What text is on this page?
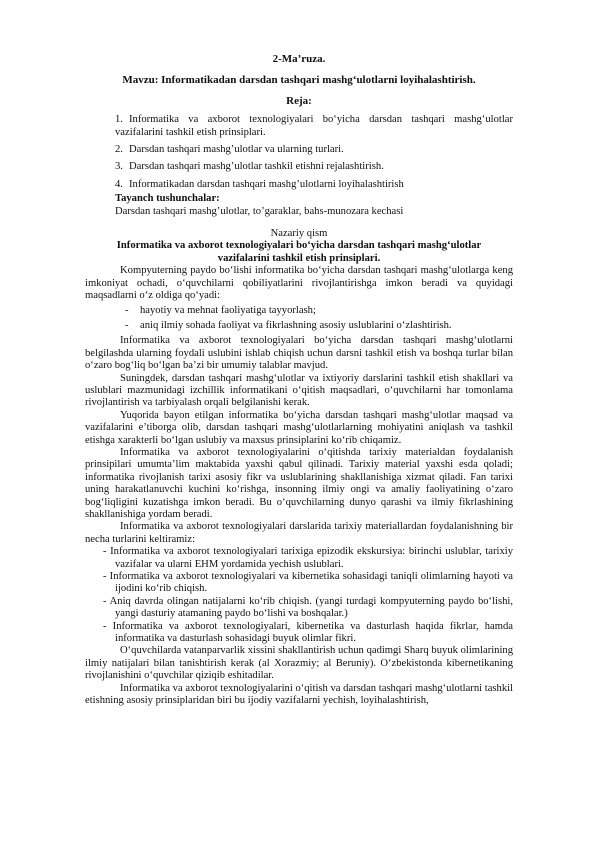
2-Ma’ruza.
Mavzu: Informatikadan darsdan tashqari mashg‘ulotlarni loyihalashtirish.
Reja:
1. Informatika va axborot texnologiyalari bo‘yicha darsdan tashqari mashg‘ulotlar vazifalarini tashkil etish prinsiplari.
2. Darsdan tashqari mashg’ulotlar va ularning turlari.
3. Darsdan tashqari mashg’ulotlar tashkil etishni rejalashtirish.
4. Informatikadan darsdan tashqari mashg’ulotlarni loyihalashtirish
Tayanch tushunchalar:
Darsdan tashqari mashg’ulotlar, to’garaklar, bahs-munozara kechasi
Nazariy qism
Informatika va axborot texnologiyalari bo‘yicha darsdan tashqari mashg‘ulotlar vazifalarini tashkil etish prinsiplari.

Kompyuterning paydo bo‘lishi informatika bo‘yicha darsdan tashqari mashg‘ulotlarga keng imkoniyat ochadi, o‘quvchilarni qobiliyatlarini rivojlantirishga imkon beradi va quyidagi maqsadlarni o‘z oldiga qo‘yadi:

- hayotiy va mehnat faoliyatiga tayyorlash;
- aniq ilmiy sohada faoliyat va fikrlashning asosiy uslublarini o‘zlashtirish.

Informatika va axborot texnologiyalari bo‘yicha darsdan tashqari mashg‘ulotlarni belgilashda ularning foydali uslubini ishlab chiqish uchun darsni tashkil etish va boshqa turlar bilan o‘zaro bog‘liq bo‘lgan ba’zi bir umumiy talablar mavjud.

Suningdek, darsdan tashqari mashg‘ulotlar va ixtiyoriy darslarini tashkil etish shakllari va uslublari mazmunidagi izchillik informatikani o‘qitish maqsadlari, o‘quvchilarni har tomonlama rivojlantirish va tarbiyalash orqali belgilanishi kerak.

Yuqorida bayon etilgan informatika bo‘yicha darsdan tashqari mashg‘ulotlar maqsad va vazifalarini e’tiborga olib, darsdan tashqari mashg‘ulotlarlarning mohiyatini aniqlash va tashkil etishga xarakterli bo‘lgan uslubiy va maxsus prinsiplarini ko‘rib chiqamiz.

Informatika va axborot texnologiyalarini o‘qitishda tarixiy materialdan foydalanish prinsipilari umumta’lim maktabida yaxshi qabul qilinadi. Tarixiy material yaxshi esda qoladi; informatika rivojlanish tarixi asosiy fikr va uslublarining shakllanishiga xizmat qiladi. Fan tarixi uning harakatlanuvchi kuchini ko‘rishga, insonning ilmiy ongi va amaliy faoliyatining o‘zaro bog‘liqligini kuzatishga imkon beradi. Bu o‘quvchilarning dunyo qarashi va ilmiy fikrlashining shakllanishiga yordam beradi.

Informatika va axborot texnologiyalari darslarida tarixiy materiallardan foydalanishning bir necha turlarini keltiramiz:

- Informatika va axborot texnologiyalari tarixiga epizodik ekskursiya: birinchi uslublar, tarixiy vazifalar va ularni EHM yordamida yechish uslublari.
- Informatika va axborot texnologiyalari va kibernetika sohasidagi taniqli olimlarning hayoti va ijodini ko‘rib chiqish.
- Aniq davrda olingan natijalarni ko‘rib chiqish. (yangi turdagi kompyuterning paydo bo‘lishi, yangi dasturiy atamaning paydo bo‘lishi va boshqalar.)
- Informatika va axborot texnologiyalari, kibernetika va dasturlash haqida fikrlar, hamda informatika va dasturlash sohasidagi buyuk olimlar fikri.

O‘quvchilarda vatanparvarlik xissini shakllantirish uchun qadimgi Sharq buyuk olimlarining ilmiy natijalari bilan tanishtirish kerak (al Xorazmiy; al Beruniy). O‘zbekistonda kibernetikaning rivojlanishini o‘quvchilar qiziqib eshitadilar.

Informatika va axborot texnologiyalarini o‘qitish va darsdan tashqari mashg‘ulotlarni tashkil etishning asosiy prinsiplaridan biri bu ijodiy vazifalarni yechish, loyihalashtirish,
